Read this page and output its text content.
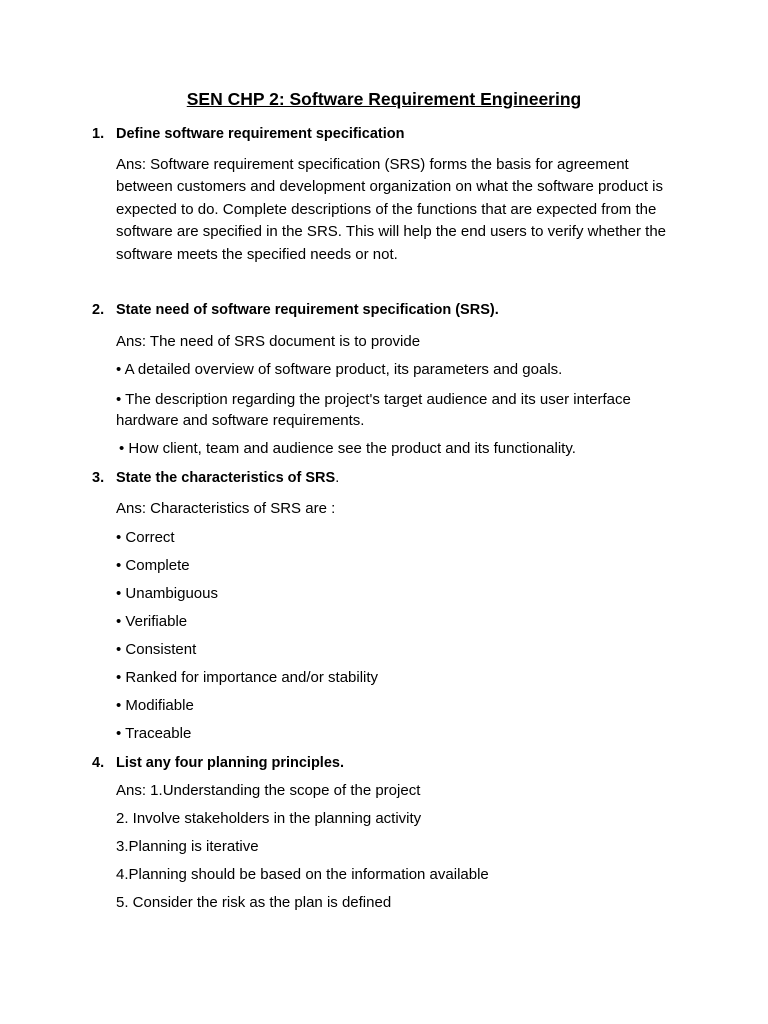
SEN CHP 2: Software Requirement Engineering
1. Define software requirement specification
Ans: Software requirement specification (SRS) forms the basis for agreement between customers and development organization on what the software product is expected to do. Complete descriptions of the functions that are expected from the software are specified in the SRS. This will help the end users to verify whether the software meets the specified needs or not.
2. State need of software requirement specification (SRS).
Ans: The need of SRS document is to provide
• A detailed overview of software product, its parameters and goals.
• The description regarding the project's target audience and its user interface hardware and software requirements.
• How client, team and audience see the product and its functionality.
3. State the characteristics of SRS.
Ans: Characteristics of SRS are :
• Correct
• Complete
• Unambiguous
• Verifiable
• Consistent
• Ranked for importance and/or stability
• Modifiable
• Traceable
4. List any four planning principles.
Ans: 1.Understanding the scope of the project
2. Involve stakeholders in the planning activity
3.Planning is iterative
4.Planning should be based on the information available
5. Consider the risk as the plan is defined
